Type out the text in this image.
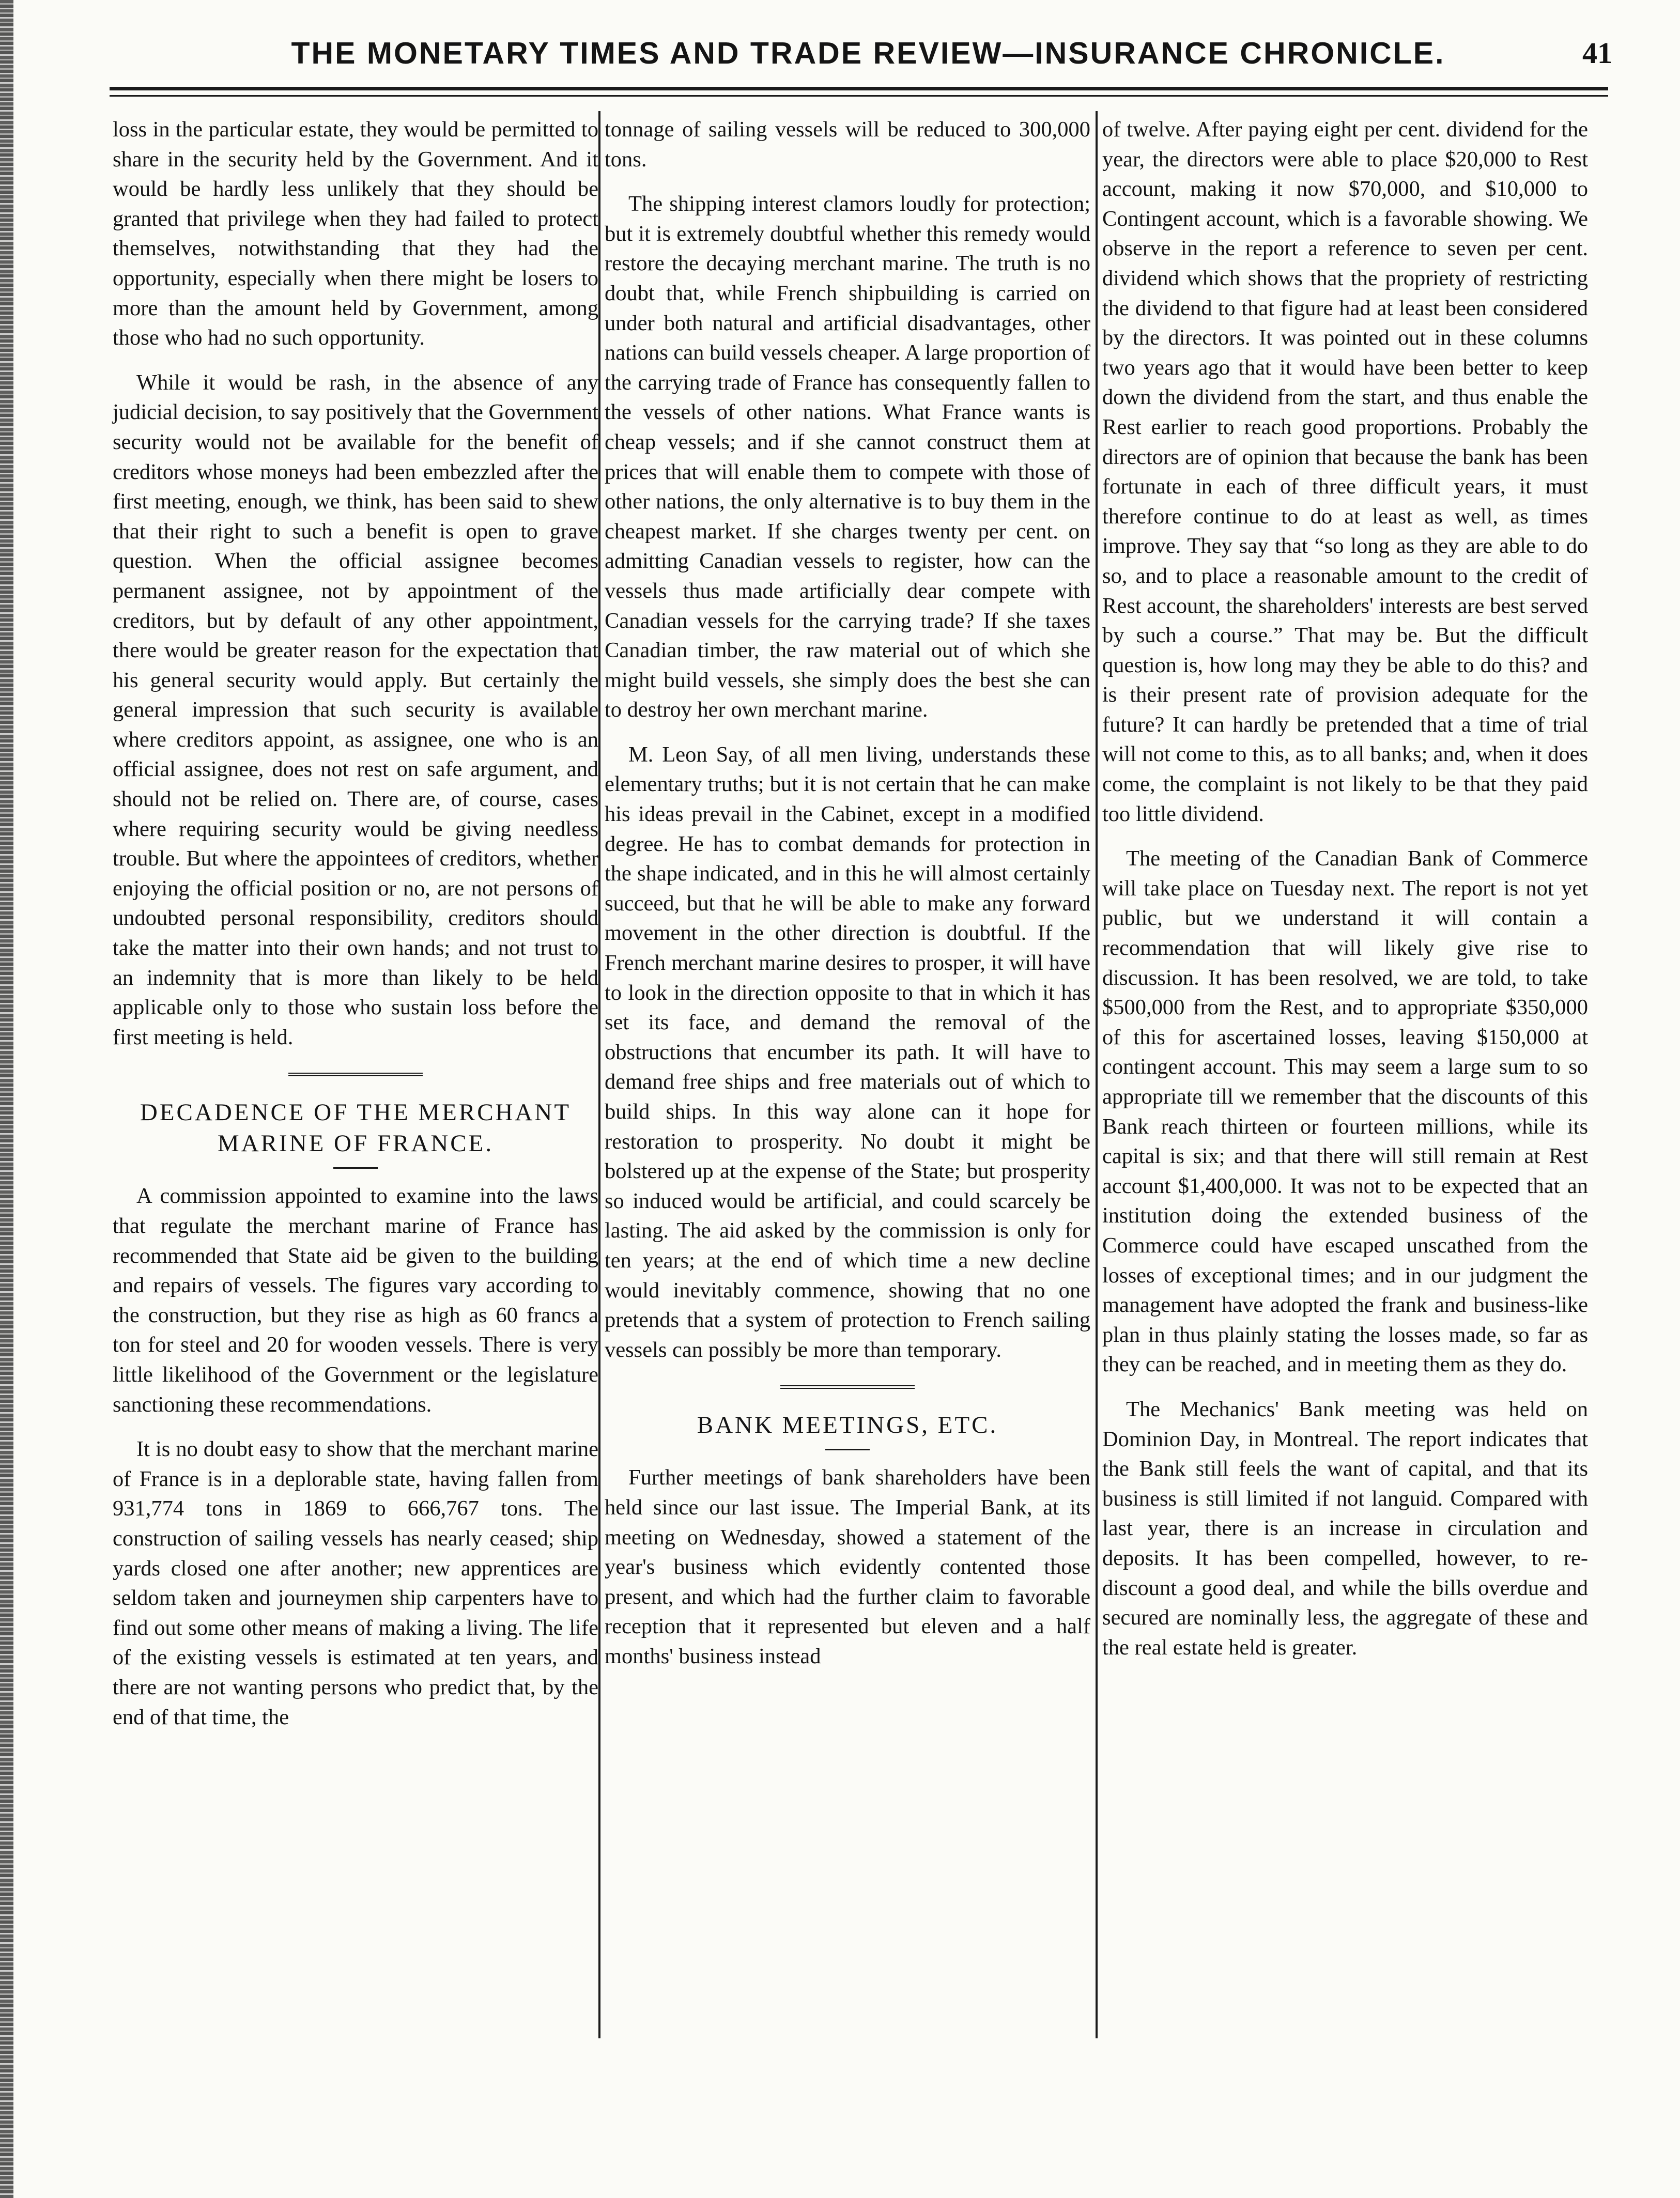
THE MONETARY TIMES AND TRADE REVIEW—INSURANCE CHRONICLE.	41

loss in the particular estate, they would be permitted to share in the security held by the Government. And it would be hardly less unlikely that they should be granted that privilege when they had failed to protect themselves, notwithstanding that they had the opportunity, especially when there might be losers to more than the amount held by Government, among those who had no such opportunity.

While it would be rash, in the absence of any judicial decision, to say positively that the Government security would not be available for the benefit of creditors whose moneys had been embezzled after the first meeting, enough, we think, has been said to shew that their right to such a benefit is open to grave question. When the official assignee becomes permanent assignee, not by appointment of the creditors, but by default of any other appointment, there would be greater reason for the expectation that his general security would apply. But certainly the general impression that such security is available where creditors appoint, as assignee, one who is an official assignee, does not rest on safe argument, and should not be relied on. There are, of course, cases where requiring security would be giving needless trouble. But where the appointees of creditors, whether enjoying the official position or no, are not persons of undoubted personal responsibility, creditors should take the matter into their own hands; and not trust to an indemnity that is more than likely to be held applicable only to those who sustain loss before the first meeting is held.

DECADENCE OF THE MERCHANT MARINE OF FRANCE.

A commission appointed to examine into the laws that regulate the merchant marine of France has recommended that State aid be given to the building and repairs of vessels. The figures vary according to the construction, but they rise as high as 60 francs a ton for steel and 20 for wooden vessels. There is very little likelihood of the Government or the legislature sanctioning these recommendations.

It is no doubt easy to show that the merchant marine of France is in a deplorable state, having fallen from 931,774 tons in 1869 to 666,767 tons. The construction of sailing vessels has nearly ceased; ship yards closed one after another; new apprentices are seldom taken and journeymen ship carpenters have to find out some other means of making a living. The life of the existing vessels is estimated at ten years, and there are not wanting persons who predict that, by the end of that time, the

tonnage of sailing vessels will be reduced to 300,000 tons.

The shipping interest clamors loudly for protection; but it is extremely doubtful whether this remedy would restore the decaying merchant marine. The truth is no doubt that, while French shipbuilding is carried on under both natural and artificial disadvantages, other nations can build vessels cheaper. A large proportion of the carrying trade of France has consequently fallen to the vessels of other nations. What France wants is cheap vessels; and if she cannot construct them at prices that will enable them to compete with those of other nations, the only alternative is to buy them in the cheapest market. If she charges twenty per cent. on admitting Canadian vessels to register, how can the vessels thus made artificially dear compete with Canadian vessels for the carrying trade? If she taxes Canadian timber, the raw material out of which she might build vessels, she simply does the best she can to destroy her own merchant marine.

M. Leon Say, of all men living, understands these elementary truths; but it is not certain that he can make his ideas prevail in the Cabinet, except in a modified degree. He has to combat demands for protection in the shape indicated, and in this he will almost certainly succeed, but that he will be able to make any forward movement in the other direction is doubtful. If the French merchant marine desires to prosper, it will have to look in the direction opposite to that in which it has set its face, and demand the removal of the obstructions that encumber its path. It will have to demand free ships and free materials out of which to build ships. In this way alone can it hope for restoration to prosperity. No doubt it might be bolstered up at the expense of the State; but prosperity so induced would be artificial, and could scarcely be lasting. The aid asked by the commission is only for ten years; at the end of which time a new decline would inevitably commence, showing that no one pretends that a system of protection to French sailing vessels can possibly be more than temporary.

BANK MEETINGS, ETC.

Further meetings of bank shareholders have been held since our last issue. The Imperial Bank, at its meeting on Wednesday, showed a statement of the year's business which evidently contented those present, and which had the further claim to favorable reception that it represented but eleven and a half months' business instead

of twelve. After paying eight per cent. dividend for the year, the directors were able to place $20,000 to Rest account, making it now $70,000, and $10,000 to Contingent account, which is a favorable showing. We observe in the report a reference to seven per cent. dividend which shows that the propriety of restricting the dividend to that figure had at least been considered by the directors. It was pointed out in these columns two years ago that it would have been better to keep down the dividend from the start, and thus enable the Rest earlier to reach good proportions. Probably the directors are of opinion that because the bank has been fortunate in each of three difficult years, it must therefore continue to do at least as well, as times improve. They say that “so long as they are able to do so, and to place a reasonable amount to the credit of Rest account, the shareholders' interests are best served by such a course.” That may be. But the difficult question is, how long may they be able to do this? and is their present rate of provision adequate for the future? It can hardly be pretended that a time of trial will not come to this, as to all banks; and, when it does come, the complaint is not likely to be that they paid too little dividend.

The meeting of the Canadian Bank of Commerce will take place on Tuesday next. The report is not yet public, but we understand it will contain a recommendation that will likely give rise to discussion. It has been resolved, we are told, to take $500,000 from the Rest, and to appropriate $350,000 of this for ascertained losses, leaving $150,000 at contingent account. This may seem a large sum to so appropriate till we remember that the discounts of this Bank reach thirteen or fourteen millions, while its capital is six; and that there will still remain at Rest account $1,400,000. It was not to be expected that an institution doing the extended business of the Commerce could have escaped unscathed from the losses of exceptional times; and in our judgment the management have adopted the frank and business-like plan in thus plainly stating the losses made, so far as they can be reached, and in meeting them as they do.

The Mechanics' Bank meeting was held on Dominion Day, in Montreal. The report indicates that the Bank still feels the want of capital, and that its business is still limited if not languid. Compared with last year, there is an increase in circulation and deposits. It has been compelled, however, to re-discount a good deal, and while the bills overdue and secured are nominally less, the aggregate of these and the real estate held is greater.
